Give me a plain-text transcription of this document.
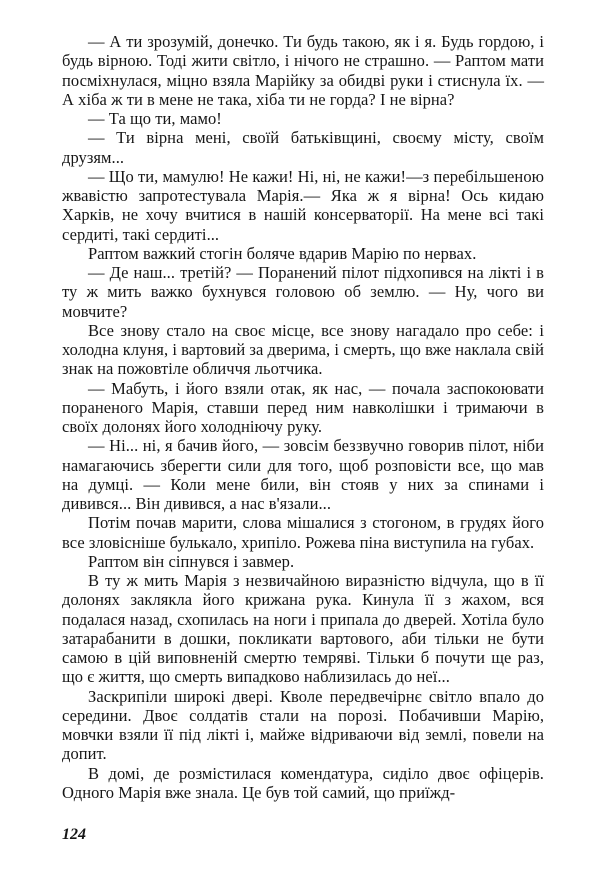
— А ти зрозумій, донечко. Ти будь такою, як і я. Будь гордою, і будь вірною. Тоді жити світло, і нічого не страшно. — Раптом мати посміхнулася, міцно взяла Марійку за обидві руки і стиснула їх. — А хіба ж ти в мене не така, хіба ти не горда? І не вірна?

— Та що ти, мамо!

— Ти вірна мені, своїй батьківщині, своєму місту, своїм друзям...

— Що ти, мамулю! Не кажи! Ні, ні, не кажи!—з перебільшеною жвавістю запротестувала Марія.— Яка ж я вірна! Ось кидаю Харків, не хочу вчитися в нашій консерваторії. На мене всі такі сердиті, такі сердиті...

Раптом важкий стогін боляче вдарив Марію по нервах.

— Де наш... третій? — Поранений пілот підхопився на лікті і в ту ж мить важко бухнувся головою об землю. — Ну, чого ви мовчите?

Все знову стало на своє місце, все знову нагадало про себе: і холодна клуня, і вартовий за дверима, і смерть, що вже наклала свій знак на пожовтіле обличчя льотчика.

— Мабуть, і його взяли отак, як нас, — почала заспокоювати пораненого Марія, ставши перед ним навколішки і тримаючи в своїх долонях його холодніючу руку.

— Ні... ні, я бачив його, — зовсім беззвучно говорив пілот, ніби намагаючись зберегти сили для того, щоб розповісти все, що мав на думці. — Коли мене били, він стояв у них за спинами і дивився... Він дивився, а нас в'язали...

Потім почав марити, слова мішалися з стогоном, в грудях його все зловісніше булькало, хрипіло. Рожева піна виступила на губах.

Раптом він сіпнувся і завмер.

В ту ж мить Марія з незвичайною виразністю відчула, що в її долонях заклякла його крижана рука. Кинула її з жахом, вся подалася назад, схопилась на ноги і припала до дверей. Хотіла було затарабанити в дошки, покликати вартового, аби тільки не бути самою в цій виповненій смертю темряві. Тільки б почути ще раз, що є життя, що смерть випадково наблизилась до неї...

Заскрипіли широкі двері. Кволе передвечірнє світло впало до середини. Двоє солдатів стали на порозі. Побачивши Марію, мовчки взяли її під лікті і, майже відриваючи від землі, повели на допит.

В домі, де розмістилася комендатура, сиділо двоє офіцерів. Одного Марія вже знала. Це був той самий, що приїжд-

124
